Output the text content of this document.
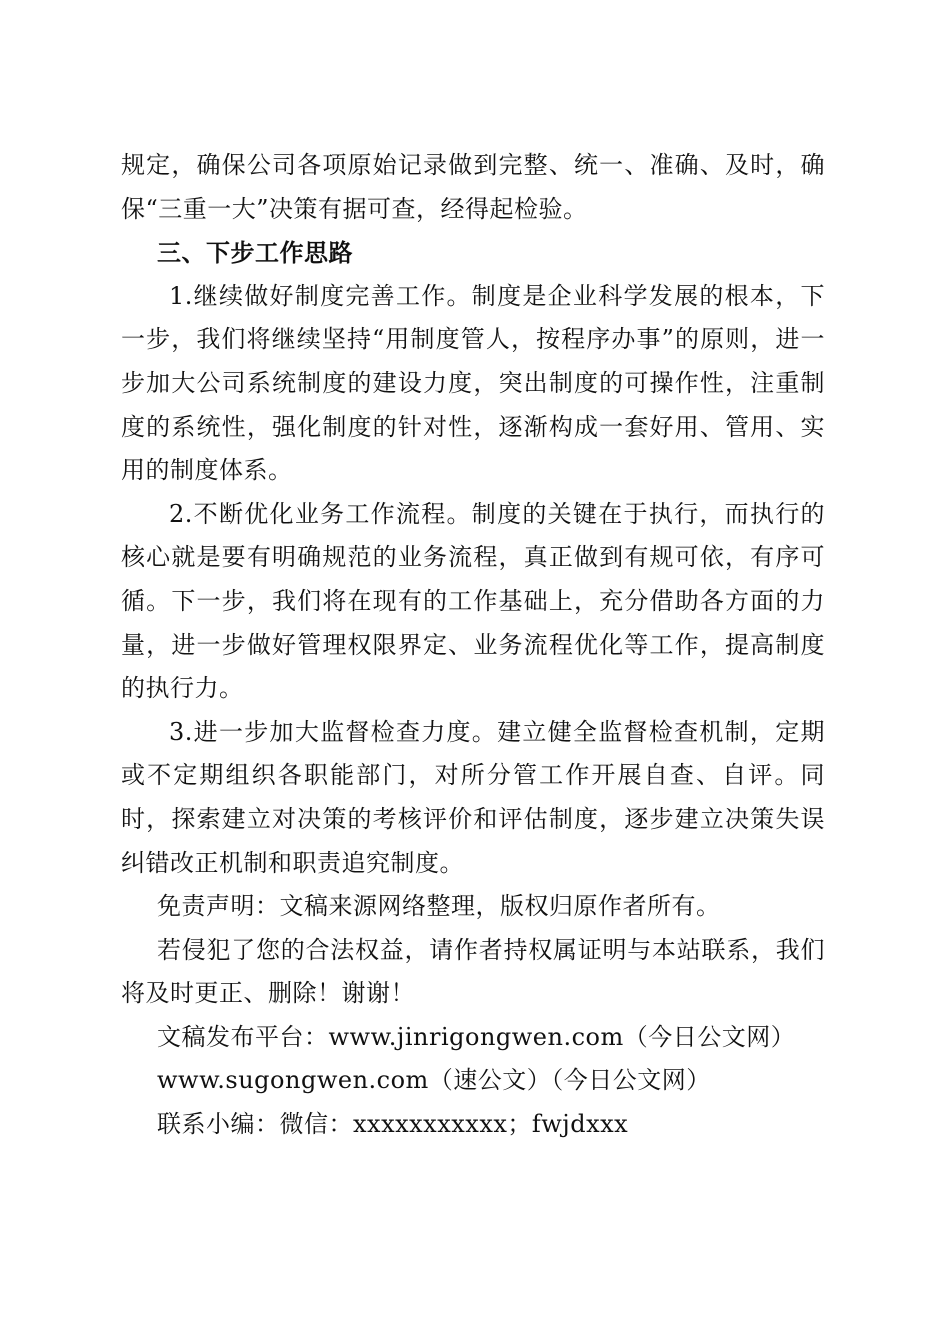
规定，确保公司各项原始记录做到完整、统一、准确、及时，确保“三重一大”决策有据可查，经得起检验。

三、下步工作思路

1.继续做好制度完善工作。制度是企业科学发展的根本，下一步，我们将继续坚持“用制度管人，按程序办事”的原则，进一步加大公司系统制度的建设力度，突出制度的可操作性，注重制度的系统性，强化制度的针对性，逐渐构成一套好用、管用、实用的制度体系。

2.不断优化业务工作流程。制度的关键在于执行，而执行的核心就是要有明确规范的业务流程，真正做到有规可依，有序可循。下一步，我们将在现有的工作基础上，充分借助各方面的力量，进一步做好管理权限界定、业务流程优化等工作，提高制度的执行力。

3.进一步加大监督检查力度。建立健全监督检查机制，定期或不定期组织各职能部门，对所分管工作开展自查、自评。同时，探索建立对决策的考核评价和评估制度，逐步建立决策失误纠错改正机制和职责追究制度。

免责声明：文稿来源网络整理，版权归原作者所有。

若侵犯了您的合法权益，请作者持权属证明与本站联系，我们将及时更正、删除！谢谢！

文稿发布平台：www.jinrigongwen.com（今日公文网）

www.sugongwen.com（速公文）（今日公文网）

联系小编：微信：xxxxxxxxxxx；fwjdxxx
